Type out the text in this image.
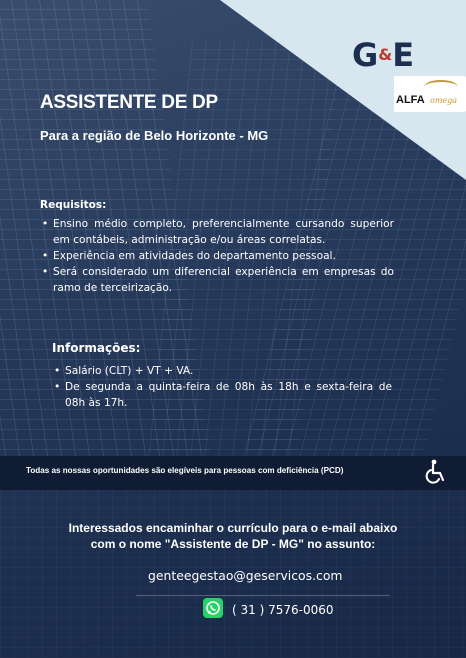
G&E
ALFA omega
ASSISTENTE DE DP
Para a região de Belo Horizonte - MG
Requisitos:
• Ensino médio completo, preferencialmente cursando superior em contábeis, administração e/ou áreas correlatas.
• Experiência em atividades do departamento pessoal.
• Será considerado um diferencial experiência em empresas do ramo de terceirização.
Informações:
• Salário (CLT) + VT + VA.
• De segunda a quinta-feira de 08h às 18h e sexta-feira de 08h às 17h.
Todas as nossas oportunidades são elegíveis para pessoas com deficiência (PCD)

Interessados encaminhar o currículo para o e-mail abaixo

com o nome "Assistente de DP - MG" no assunto:

genteegestao@geservicos.com
( 31 ) 7576-0060
